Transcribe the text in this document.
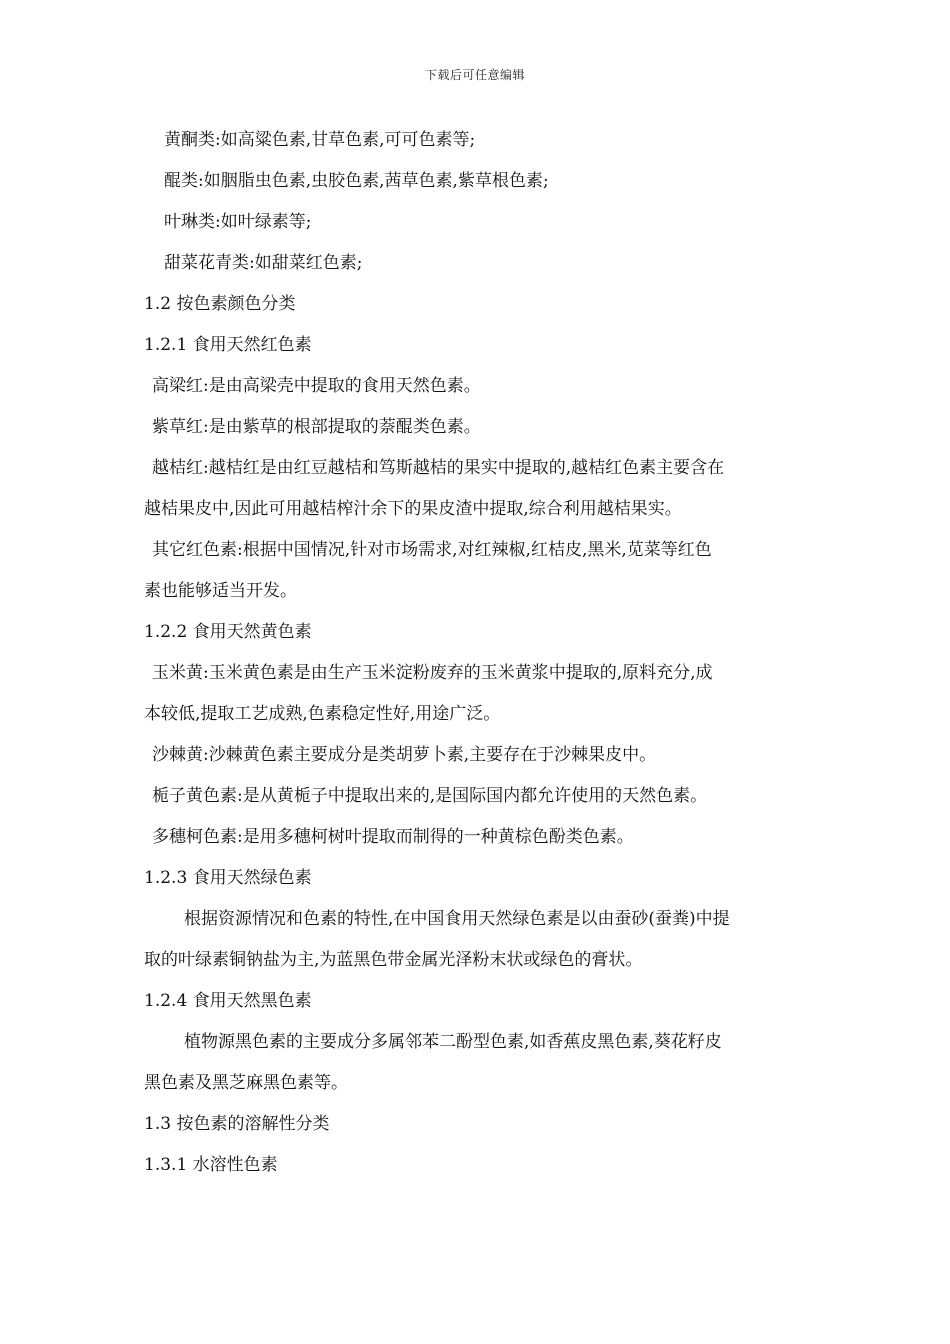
下载后可任意编辑
黄酮类:如高粱色素,甘草色素,可可色素等;
醌类:如胭脂虫色素,虫胶色素,茜草色素,紫草根色素;
叶琳类:如叶绿素等;
甜菜花青类:如甜菜红色素;
1.2 按色素颜色分类
1.2.1 食用天然红色素
高梁红:是由高梁壳中提取的食用天然色素。
紫草红:是由紫草的根部提取的萘醌类色素。
越桔红:越桔红是由红豆越桔和笃斯越桔的果实中提取的,越桔红色素主要含在
越桔果皮中,因此可用越桔榨汁余下的果皮渣中提取,综合利用越桔果实。
其它红色素:根据中国情况,针对市场需求,对红辣椒,红桔皮,黑米,苋菜等红色
素也能够适当开发。
1.2.2 食用天然黄色素
玉米黄:玉米黄色素是由生产玉米淀粉废弃的玉米黄浆中提取的,原料充分,成
本较低,提取工艺成熟,色素稳定性好,用途广泛。
沙棘黄:沙棘黄色素主要成分是类胡萝卜素,主要存在于沙棘果皮中。
栀子黄色素:是从黄栀子中提取出来的,是国际国内都允许使用的天然色素。
多穗柯色素:是用多穗柯树叶提取而制得的一种黄棕色酚类色素。
1.2.3 食用天然绿色素
根据资源情况和色素的特性,在中国食用天然绿色素是以由蚕砂(蚕粪)中提
取的叶绿素铜钠盐为主,为蓝黑色带金属光泽粉末状或绿色的膏状。
1.2.4 食用天然黑色素
植物源黑色素的主要成分多属邻苯二酚型色素,如香蕉皮黑色素,葵花籽皮
黑色素及黑芝麻黑色素等。
1.3 按色素的溶解性分类
1.3.1 水溶性色素
